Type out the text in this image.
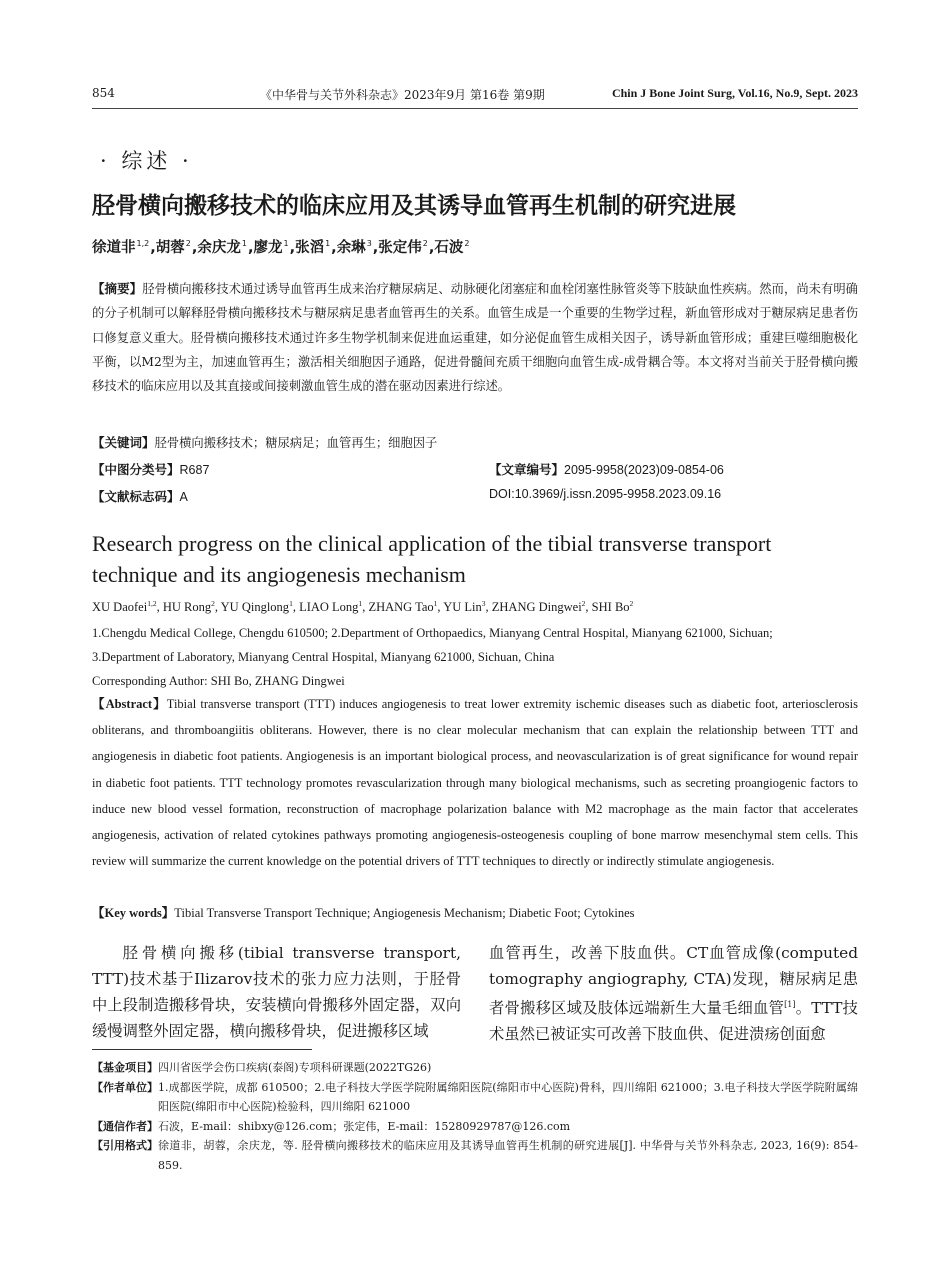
854	《中华骨与关节外科杂志》2023年9月 第16卷 第9期	Chin J Bone Joint Surg, Vol.16, No.9, Sept. 2023
· 综述 ·
胫骨横向搬移技术的临床应用及其诱导血管再生机制的研究进展
徐道非$^{1,2}$,胡蓉$^2$,余庆龙$^1$,廖龙$^1$,张滔$^1$,余琳$^3$,张定伟$^2$,石波$^2$
【摘要】胫骨横向搬移技术通过诱导血管再生成来治疗糖尿病足、动脉硬化闭塞症和血栓闭塞性脉管炎等下肢缺血性疾病。然而，尚未有明确的分子机制可以解释胫骨横向搬移技术与糖尿病足患者血管再生的关系。血管生成是一个重要的生物学过程，新血管形成对于糖尿病足患者伤口修复意义重大。胫骨横向搬移技术通过许多生物学机制来促进血运重建，如分泌促血管生成相关因子，诱导新血管形成；重建巨噬细胞极化平衡，以M2型为主，加速血管再生；激活相关细胞因子通路，促进骨髓间充质干细胞向血管生成-成骨耦合等。本文将对当前关于胫骨横向搬移技术的临床应用以及其直接或间接刺激血管生成的潜在驱动因素进行综述。
【关键词】胫骨横向搬移技术；糖尿病足；血管再生；细胞因子
【中图分类号】R687	【文章编号】2095-9958(2023)09-0854-06
【文献标志码】A	DOI:10.3969/j.issn.2095-9958.2023.09.16
Research progress on the clinical application of the tibial transverse transport technique and its angiogenesis mechanism
XU Daofei$^{1,2}$, HU Rong$^2$, YU Qinglong$^1$, LIAO Long$^1$, ZHANG Tao$^1$, YU Lin$^3$, ZHANG Dingwei$^2$, SHI Bo$^2$
1.Chengdu Medical College, Chengdu 610500; 2.Department of Orthopaedics, Mianyang Central Hospital, Mianyang 621000, Sichuan;
3.Department of Laboratory, Mianyang Central Hospital, Mianyang 621000, Sichuan, China
Corresponding Author: SHI Bo, ZHANG Dingwei
【Abstract】Tibial transverse transport (TTT) induces angiogenesis to treat lower extremity ischemic diseases such as diabetic foot, arteriosclerosis obliterans, and thromboangiitis obliterans. However, there is no clear molecular mechanism that can explain the relationship between TTT and angiogenesis in diabetic foot patients. Angiogenesis is an important biological process, and neovascularization is of great significance for wound repair in diabetic foot patients. TTT technology promotes revascularization through many biological mechanisms, such as secreting proangiogenic factors to induce new blood vessel formation, reconstruction of macrophage polarization balance with M2 macrophage as the main factor that accelerates angiogenesis, activation of related cytokines pathways promoting angiogenesis-osteogenesis coupling of bone marrow mesenchymal stem cells. This review will summarize the current knowledge on the potential drivers of TTT techniques to directly or indirectly stimulate angiogenesis.
【Key words】Tibial Transverse Transport Technique; Angiogenesis Mechanism; Diabetic Foot; Cytokines
胫骨横向搬移(tibial transverse transport, TTT)技术基于Ilizarov技术的张力应力法则，于胫骨中上段制造搬移骨块，安装横向骨搬移外固定器，双向缓慢调整外固定器，横向搬移骨块，促进搬移区域
血管再生，改善下肢血供。CT血管成像(computed tomography angiography, CTA)发现，糖尿病足患者骨搬移区域及肢体远端新生大量毛细血管[1]。TTT技术虽然已被证实可改善下肢血供、促进溃疡创面愈
【基金项目】 四川省医学会伤口疾病(泰阁)专项科研课题(2022TG26)
【作者单位】 1.成都医学院，成都 610500；2.电子科技大学医学院附属绵阳医院(绵阳市中心医院)骨科，四川绵阳 621000；3.电子科技大学医学院附属绵阳医院(绵阳市中心医院)检验科，四川绵阳 621000
【通信作者】 石波，E-mail：shibxy@126.com；张定伟，E-mail：15280929787@126.com
【引用格式】 徐道非，胡蓉，余庆龙，等. 胫骨横向搬移技术的临床应用及其诱导血管再生机制的研究进展[J]. 中华骨与关节外科杂志, 2023, 16(9): 854-859.
